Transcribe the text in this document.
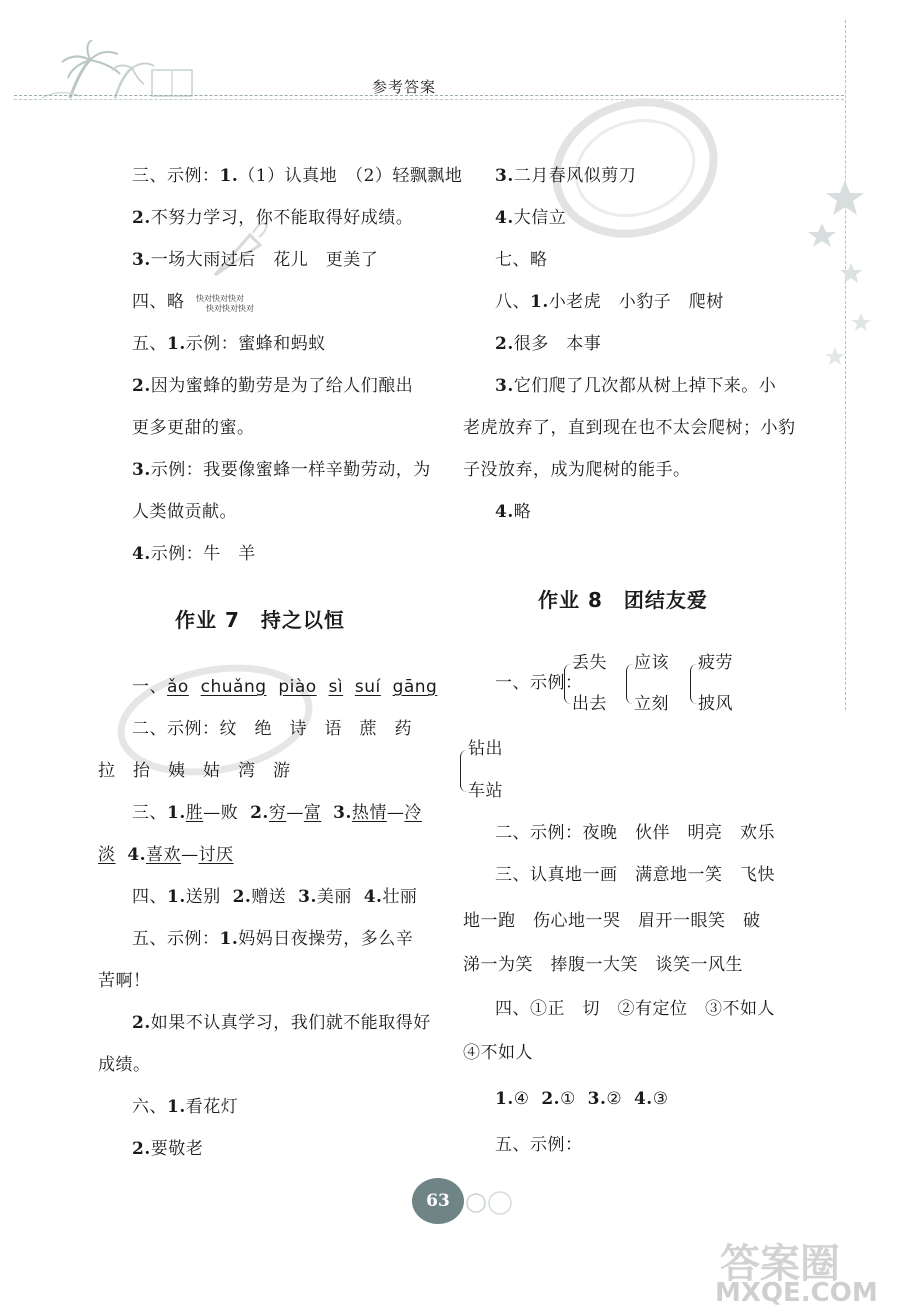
参考答案
答案圈
MXQE.COM
三、示例：1.（1）认真地　（2）轻飘飘地
2.不努力学习，你不能取得好成绩。
3.一场大雨过后　花儿　更美了
四、略 快对快对快对
快对快对快对
五、1.示例：蜜蜂和蚂蚁
2.因为蜜蜂的勤劳是为了给人们酿出
更多更甜的蜜。
3.示例：我要像蜜蜂一样辛勤劳动，为
人类做贡献。
4.示例：牛　羊
作业 7　持之以恒
一、ǎo chuǎng piào sì suí gāng
二、示例：纹　绝　诗　语　蔗　药
拉　抬　姨　姑　湾　游
三、1.胜—败 2.穷—富 3.热情—冷
淡 4.喜欢—讨厌
四、1.送别 2.赠送 3.美丽 4.壮丽
五、示例：1.妈妈日夜操劳，多么辛
苦啊！
2.如果不认真学习，我们就不能取得好
成绩。
六、1.看花灯
2.要敬老
3.二月春风似剪刀
4.大信立
七、略
八、1.小老虎　小豹子　爬树
2.很多　本事
3.它们爬了几次都从树上掉下来。小
老虎放弃了，直到现在也不太会爬树；小豹
子没放弃，成为爬树的能手。
4.略
作业 8　团结友爱
一、示例：
丢失
出去
应该
立刻
疲劳
披风
钻出
车站
二、示例：夜晚　伙伴　明亮　欢乐
三、认真地一画　满意地一笑　飞快
地一跑　伤心地一哭　眉开一眼笑　破
涕一为笑　捧腹一大笑　谈笑一风生
四、①正　切　②有定位　③不如人
④不如人
1.④ 2.① 3.② 4.③
五、示例：
63
